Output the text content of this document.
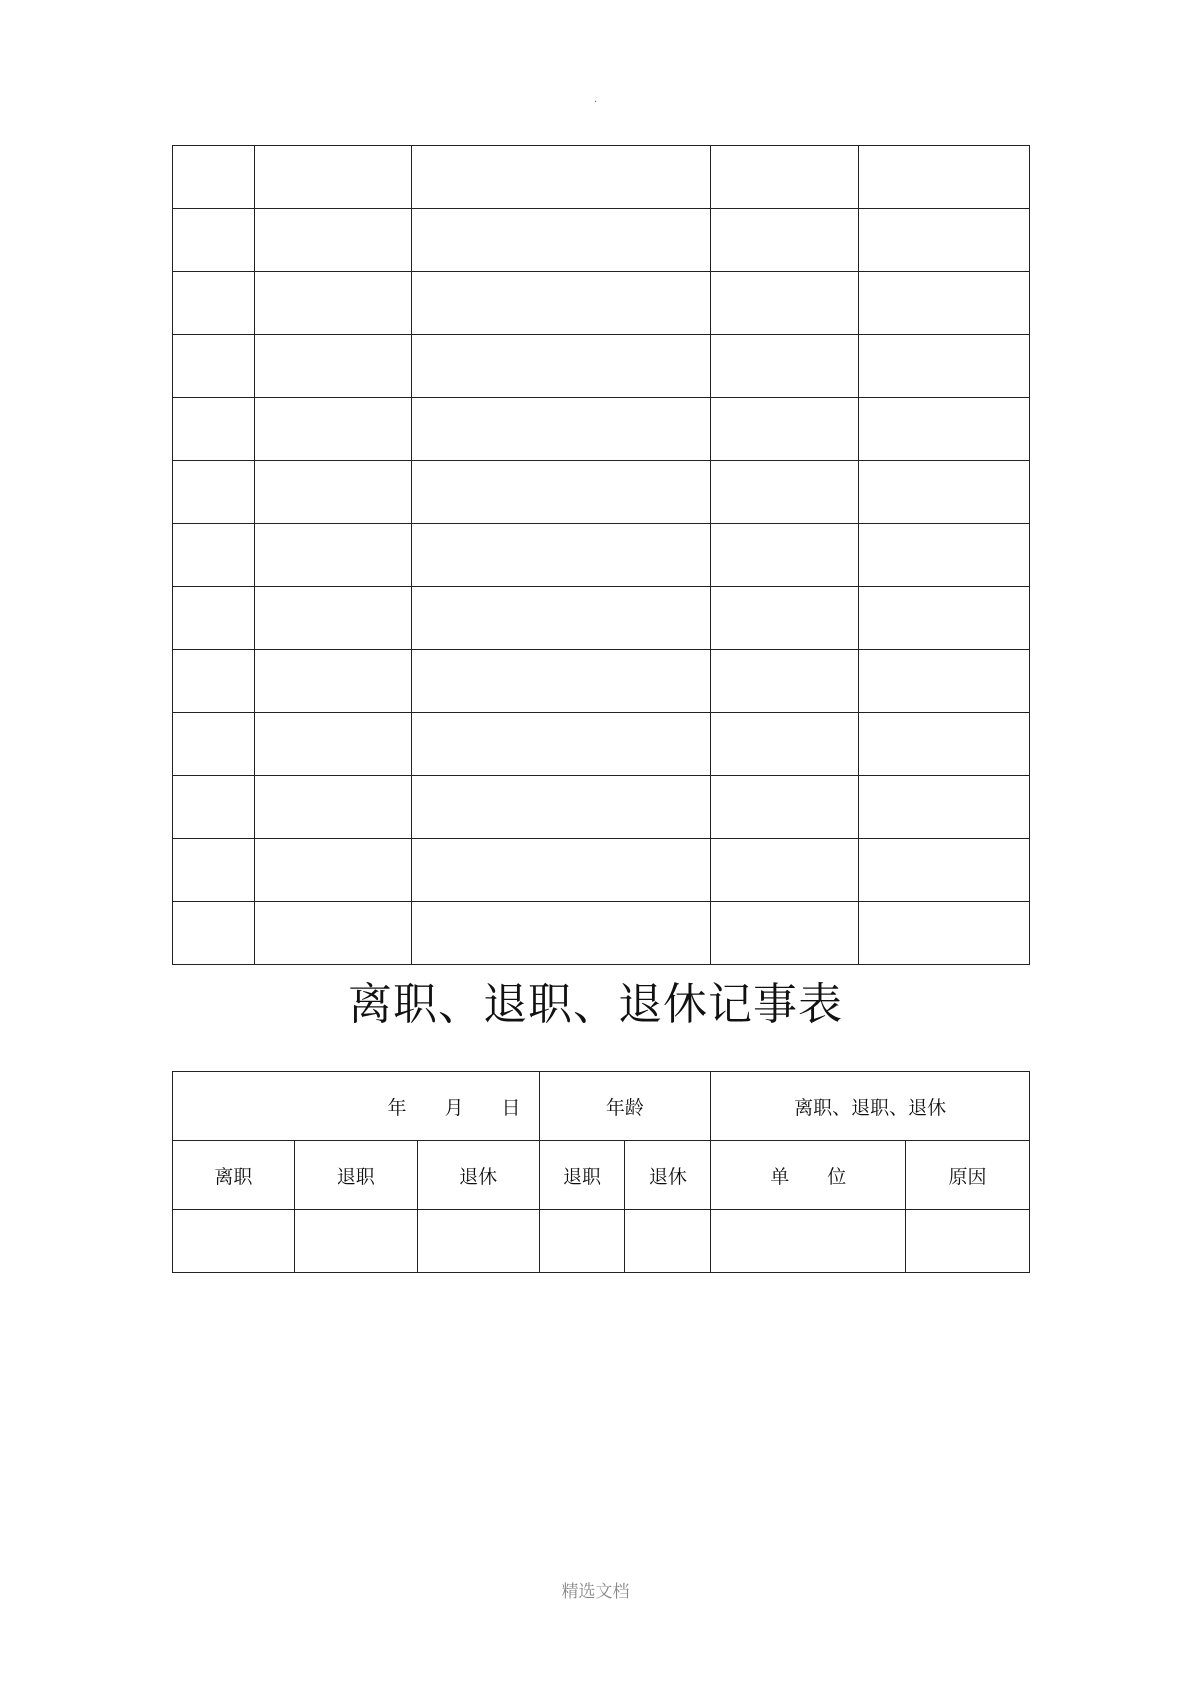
.

离职、退职、退休记事表
年　　月　　日			年龄		离职、退职、退休	
离职	退职	退休	退职	退休	单　　位	原因

精选文档
